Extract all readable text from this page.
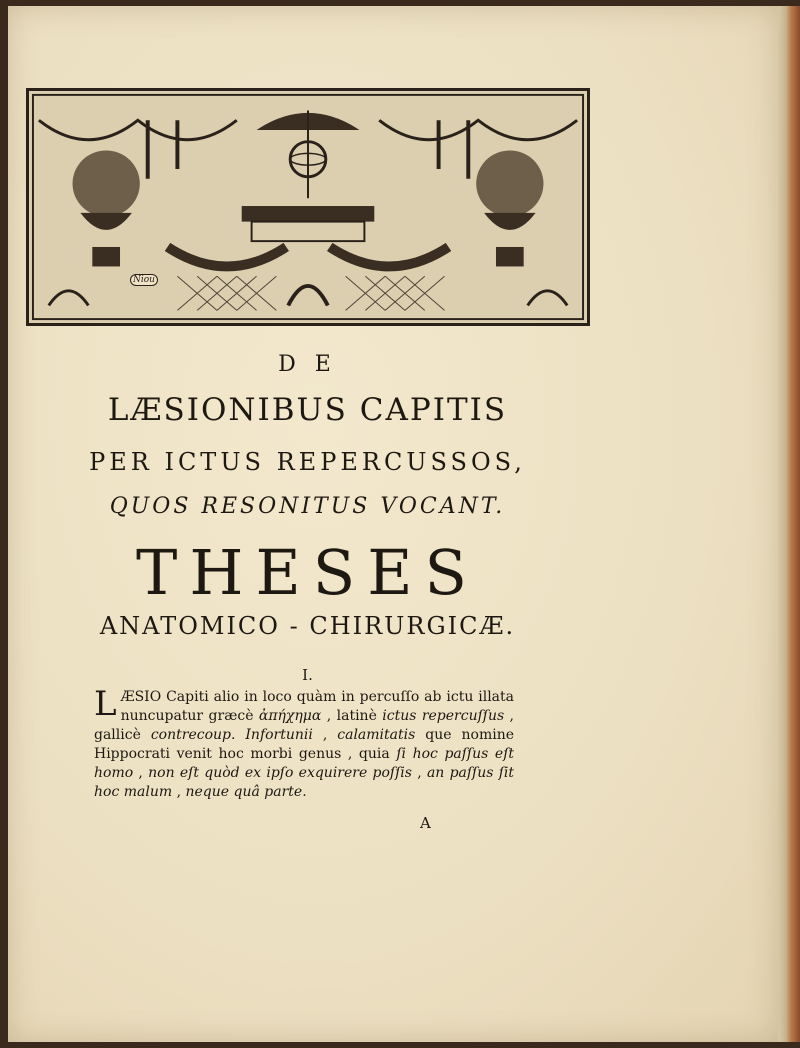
Niou
D E
LÆSIONIBUS CAPITIS
PER ICTUS REPERCUSSOS,
QUOS RESONITUS VOCANT.
THESES
ANATOMICO - CHIRURGICÆ.
I.
LÆSIO Capiti alio in loco quàm in percuſſo ab ictu illata nuncupatur græcè ἀπήχημα , latinè ictus repercuſſus , gallicè contrecoup. Infortunii , calamitatis que nomine Hippocrati venit hoc morbi genus , quia ſi hoc paſſus eſt homo , non eſt quòd ex ipſo exquirere poſſis , an paſſus ſit hoc malum , neque quâ parte.
A
